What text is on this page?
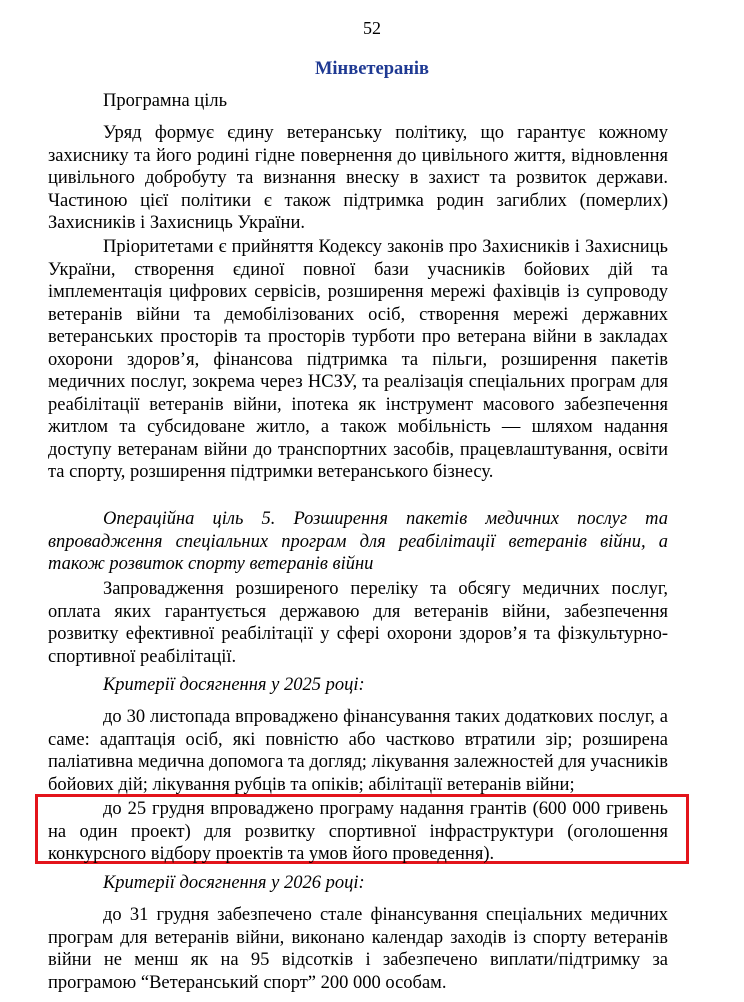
52
Мінветеранів

Програмна ціль

Уряд формує єдину ветеранську політику, що гарантує кожному захиснику та його родині гідне повернення до цивільного життя, відновлення цивільного добробуту та визнання внеску в захист та розвиток держави. Частиною цієї політики є також підтримка родин загиблих (померлих) Захисників і Захисниць України.

Пріоритетами є прийняття Кодексу законів про Захисників і Захисниць України, створення єдиної повної бази учасників бойових дій та імплементація цифрових сервісів, розширення мережі фахівців із супроводу ветеранів війни та демобілізованих осіб, створення мережі державних ветеранських просторів та просторів турботи про ветерана війни в закладах охорони здоров’я, фінансова підтримка та пільги, розширення пакетів медичних послуг, зокрема через НСЗУ, та реалізація спеціальних програм для реабілітації ветеранів війни, іпотека як інструмент масового забезпечення житлом та субсидоване житло, а також мобільність — шляхом надання доступу ветеранам війни до транспортних засобів, працевлаштування, освіти та спорту, розширення підтримки ветеранського бізнесу.

Операційна ціль 5. Розширення пакетів медичних послуг та впровадження спеціальних програм для реабілітації ветеранів війни, а також розвиток спорту ветеранів війни

Запровадження розширеного переліку та обсягу медичних послуг, оплата яких гарантується державою для ветеранів війни, забезпечення розвитку ефективної реабілітації у сфері охорони здоров’я та фізкультурно-спортивної реабілітації.

Критерії досягнення у 2025 році:

до 30 листопада впроваджено фінансування таких додаткових послуг, а саме: адаптація осіб, які повністю або частково втратили зір; розширена паліативна медична допомога та догляд; лікування залежностей для учасників бойових дій; лікування рубців та опіків; абілітації ветеранів війни;

до 25 грудня впроваджено програму надання грантів (600 000 гривень на один проект) для розвитку спортивної інфраструктури (оголошення конкурсного відбору проектів та умов його проведення).

Критерії досягнення у 2026 році:

до 31 грудня забезпечено стале фінансування спеціальних медичних програм для ветеранів війни, виконано календар заходів із спорту ветеранів війни не менш як на 95 відсотків і забезпечено виплати/підтримку за програмою “Ветеранський спорт” 200 000 особам.
